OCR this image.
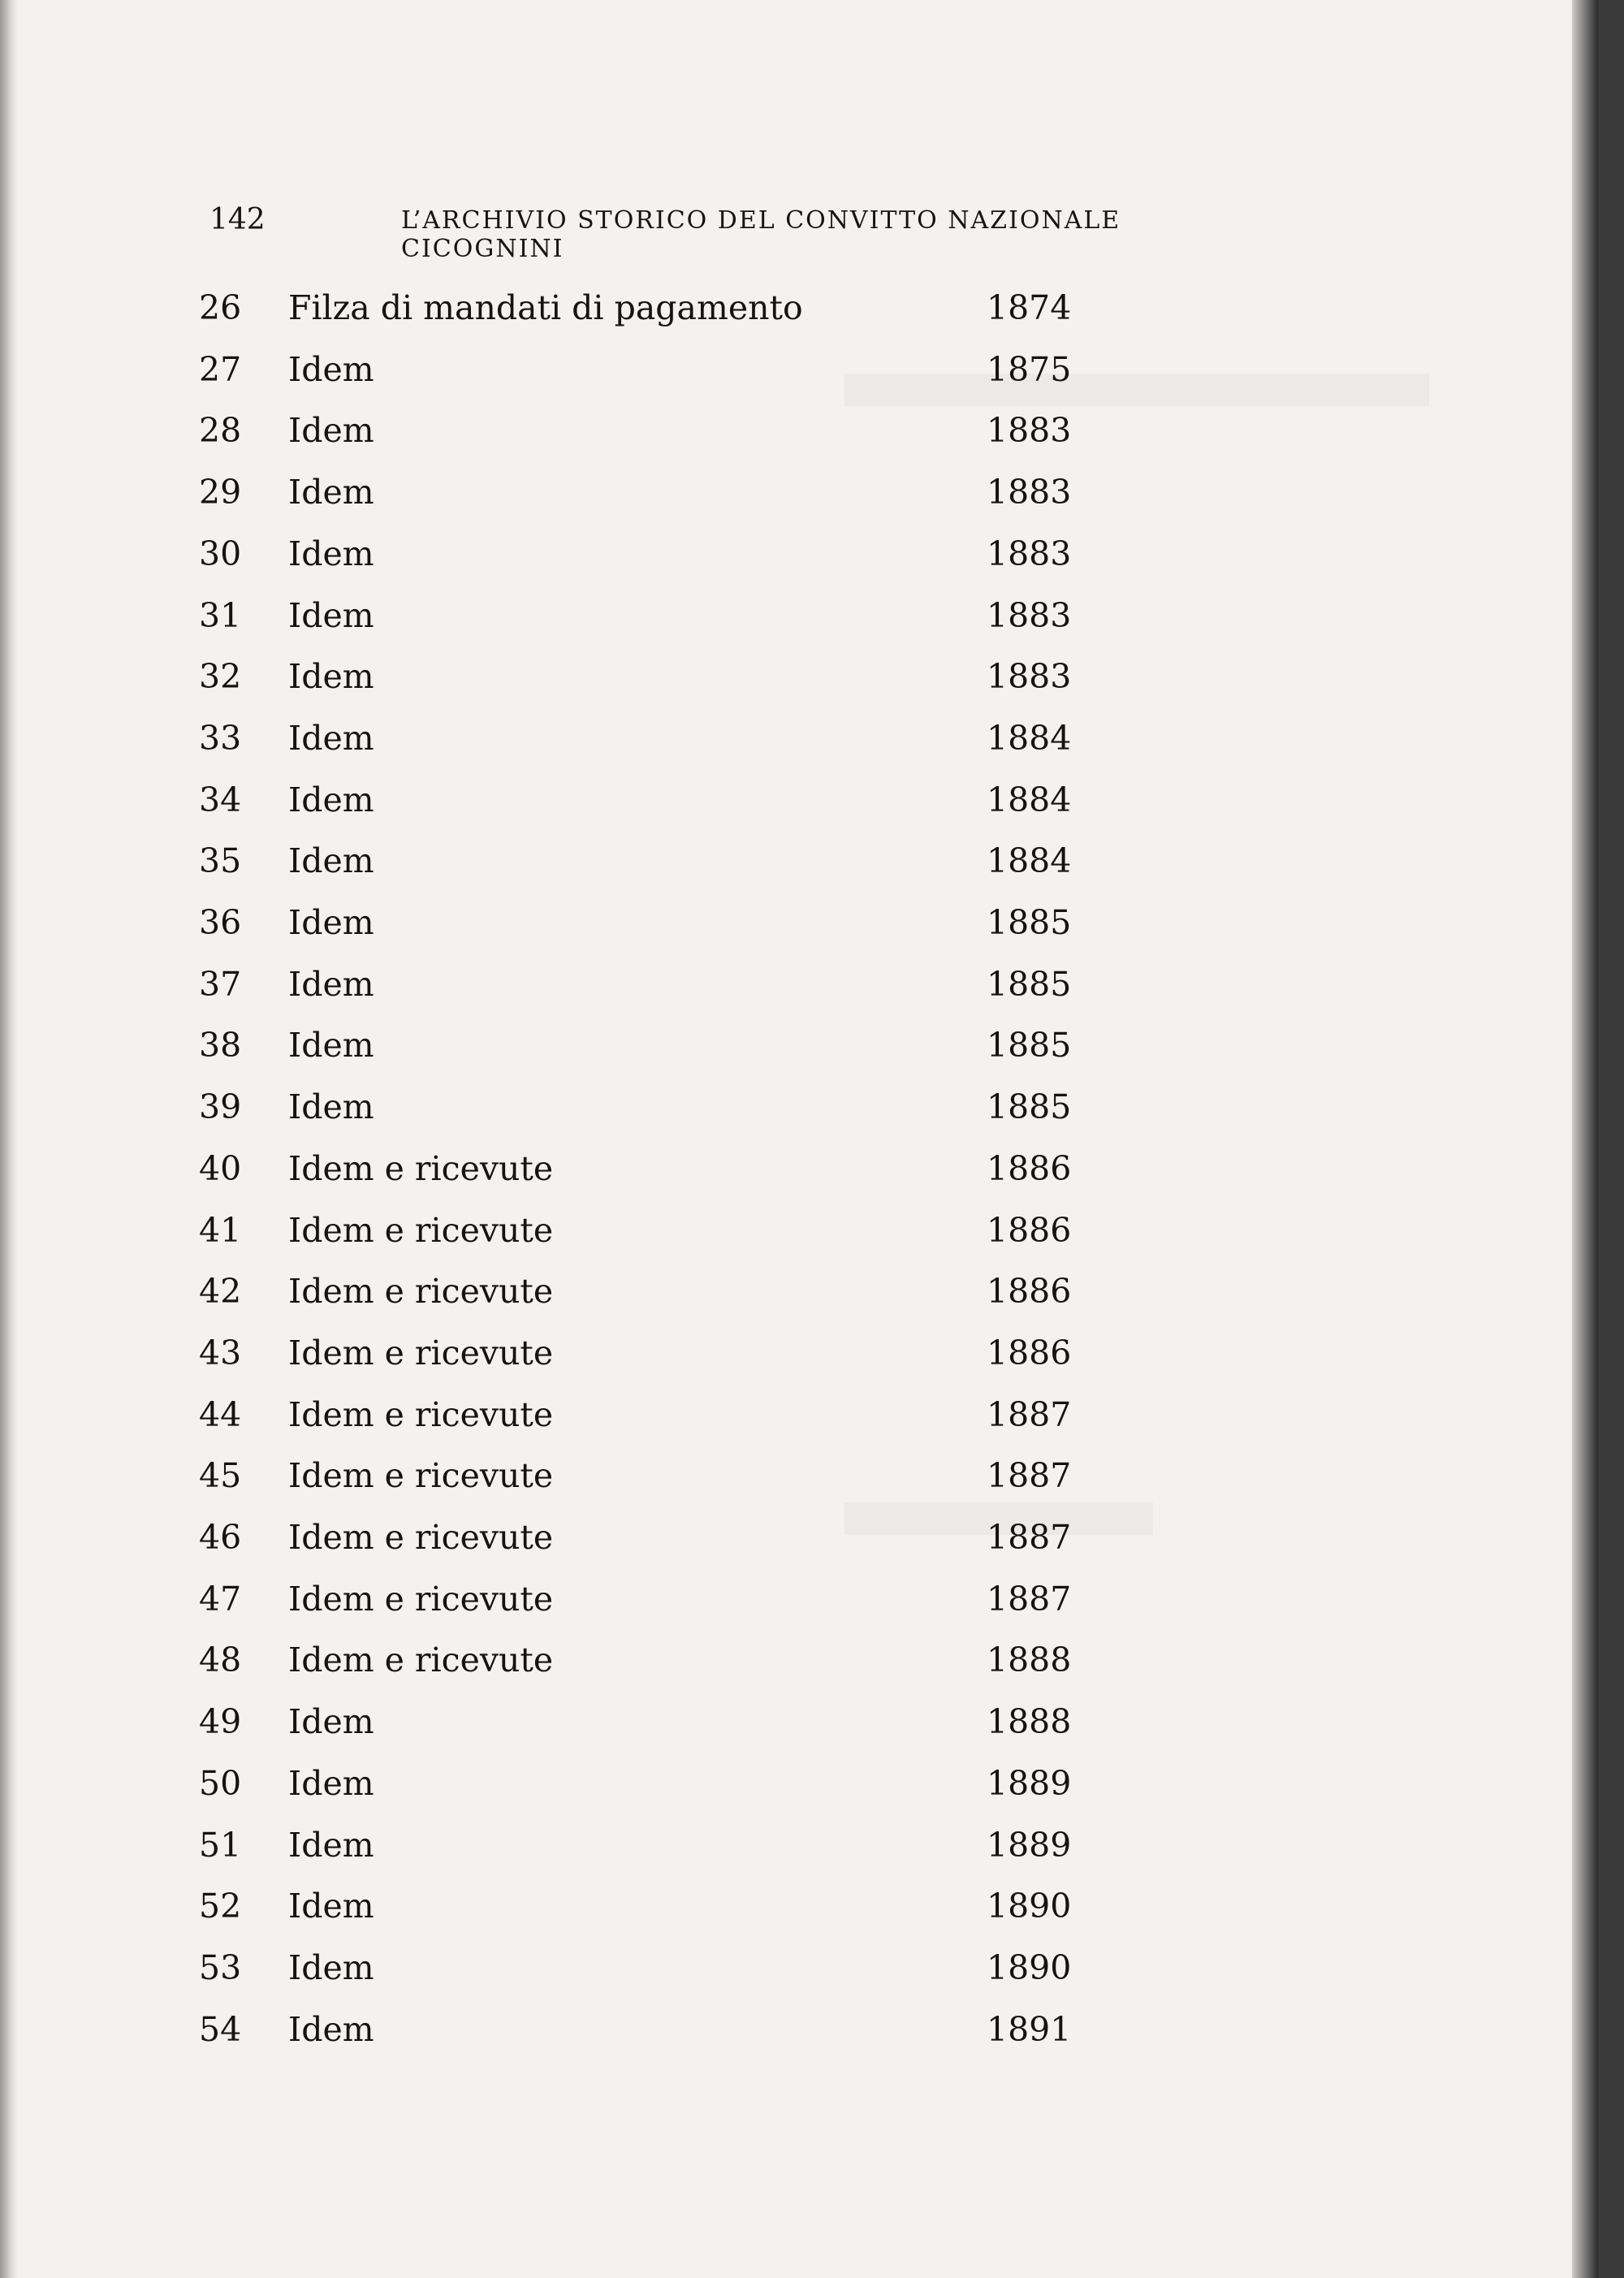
142	L’ARCHIVIO STORICO DEL CONVITTO NAZIONALE CICOGNINI
26	Filza di mandati di pagamento	1874
27	Idem	1875
28	Idem	1883
29	Idem	1883
30	Idem	1883
31	Idem	1883
32	Idem	1883
33	Idem	1884
34	Idem	1884
35	Idem	1884
36	Idem	1885
37	Idem	1885
38	Idem	1885
39	Idem	1885
40	Idem e ricevute	1886
41	Idem e ricevute	1886
42	Idem e ricevute	1886
43	Idem e ricevute	1886
44	Idem e ricevute	1887
45	Idem e ricevute	1887
46	Idem e ricevute	1887
47	Idem e ricevute	1887
48	Idem e ricevute	1888
49	Idem	1888
50	Idem	1889
51	Idem	1889
52	Idem	1890
53	Idem	1890
54	Idem	1891
